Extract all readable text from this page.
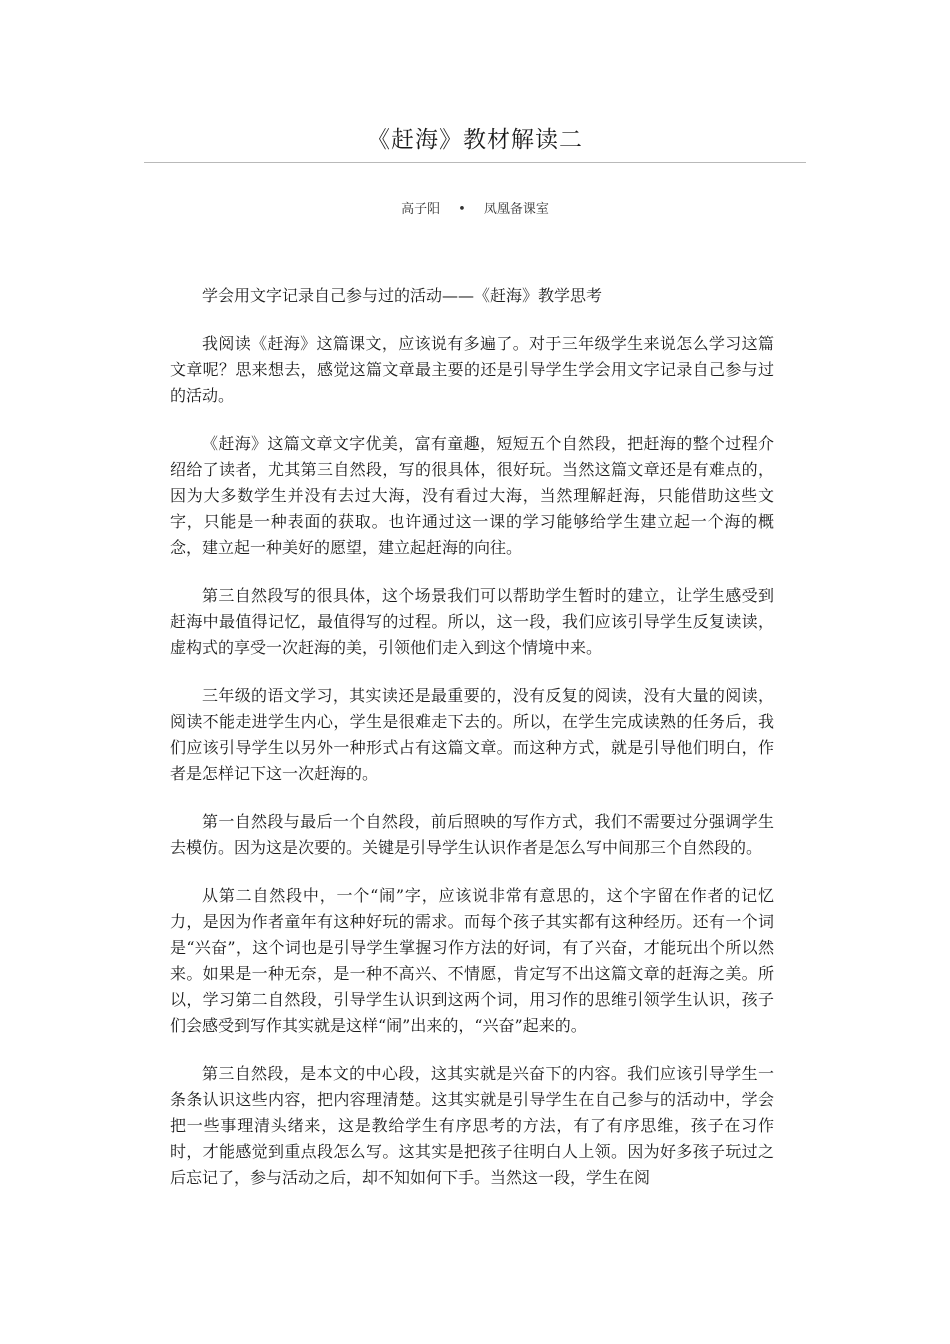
《赶海》教材解读二
高子阳 • 凤凰备课室

学会用文字记录自己参与过的活动——《赶海》教学思考

我阅读《赶海》这篇课文，应该说有多遍了。对于三年级学生来说怎么学习这篇文章呢？思来想去，感觉这篇文章最主要的还是引导学生学会用文字记录自己参与过的活动。

《赶海》这篇文章文字优美，富有童趣，短短五个自然段，把赶海的整个过程介绍给了读者，尤其第三自然段，写的很具体，很好玩。当然这篇文章还是有难点的，因为大多数学生并没有去过大海，没有看过大海，当然理解赶海，只能借助这些文字，只能是一种表面的获取。也许通过这一课的学习能够给学生建立起一个海的概念，建立起一种美好的愿望，建立起赶海的向往。

第三自然段写的很具体，这个场景我们可以帮助学生暂时的建立，让学生感受到赶海中最值得记忆，最值得写的过程。所以，这一段，我们应该引导学生反复读读，虚构式的享受一次赶海的美，引领他们走入到这个情境中来。

三年级的语文学习，其实读还是最重要的，没有反复的阅读，没有大量的阅读，阅读不能走进学生内心，学生是很难走下去的。所以，在学生完成读熟的任务后，我们应该引导学生以另外一种形式占有这篇文章。而这种方式，就是引导他们明白，作者是怎样记下这一次赶海的。

第一自然段与最后一个自然段，前后照映的写作方式，我们不需要过分强调学生去模仿。因为这是次要的。关键是引导学生认识作者是怎么写中间那三个自然段的。

从第二自然段中，一个“闹”字，应该说非常有意思的，这个字留在作者的记忆力，是因为作者童年有这种好玩的需求。而每个孩子其实都有这种经历。还有一个词是“兴奋”，这个词也是引导学生掌握习作方法的好词，有了兴奋，才能玩出个所以然来。如果是一种无奈，是一种不高兴、不情愿，肯定写不出这篇文章的赶海之美。所以，学习第二自然段，引导学生认识到这两个词，用习作的思维引领学生认识，孩子们会感受到写作其实就是这样“闹”出来的，“兴奋”起来的。

第三自然段，是本文的中心段，这其实就是兴奋下的内容。我们应该引导学生一条条认识这些内容，把内容理清楚。这其实就是引导学生在自己参与的活动中，学会把一些事理清头绪来，这是教给学生有序思考的方法，有了有序思维，孩子在习作时，才能感觉到重点段怎么写。这其实是把孩子往明白人上领。因为好多孩子玩过之后忘记了，参与活动之后，却不知如何下手。当然这一段，学生在阅
